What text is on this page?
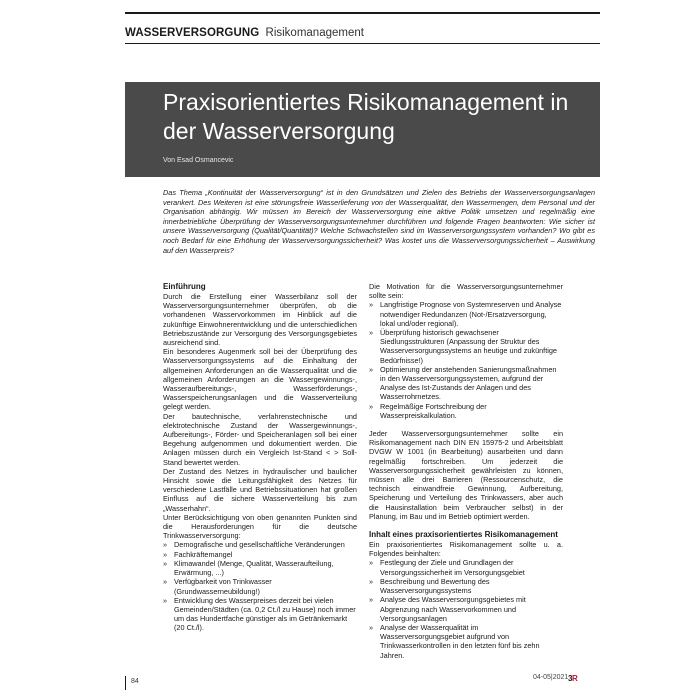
WASSERVERSORGUNG Risikomanagement
Praxisorientiertes Risikomanagement in der Wasserversorgung
Von Esad Osmancevic

Das Thema „Kontinuität der Wasserversorgung“ ist in den Grundsätzen und Zielen des Betriebs der Wasserversorgungsanlagen verankert. Des Weiteren ist eine störungsfreie Wasserlieferung von der Wasserqualität, den Wassermengen, dem Personal und der Organisation abhängig. Wir müssen im Bereich der Wasserversorgung eine aktive Politik umsetzen und regelmäßig eine innerbetriebliche Überprüfung der Wasserversorgungsunternehmer durchführen und folgende Fragen beantworten: Wie sicher ist unsere Wasserversorgung (Qualität/Quantität)? Welche Schwachstellen sind im Wasserversorgungssystem vorhanden? Wo gibt es noch Bedarf für eine Erhöhung der Wasserversorgungssicherheit? Was kostet uns die Wasserversorgungssicherheit – Auswirkung auf den Wasserpreis?

Einführung

Durch die Erstellung einer Wasserbilanz soll der Wasserversorgungsunternehmer überprüfen, ob die vorhandenen Wasservorkommen im Hinblick auf die zukünftige Einwohnerentwicklung und die unterschiedlichen Betriebszustände zur Versorgung des Versorgungsgebietes ausreichend sind.

Ein besonderes Augenmerk soll bei der Überprüfung des Wasserversorgungssystems auf die Einhaltung der allgemeinen Anforderungen an die Wasserqualität und die allgemeinen Anforderungen an die Wassergewinnungs-, Wasseraufbereitungs-, Wasserförderungs-, Wasserspeicherungsanlagen und die Wasserverteilung gelegt werden.

Der bautechnische, verfahrenstechnische und elektrotechnische Zustand der Wassergewinnungs-, Aufbereitungs-, Förder- und Speicheranlagen soll bei einer Begehung aufgenommen und dokumentiert werden. Die Anlagen müssen durch ein Vergleich Ist-Stand < > Soll-Stand bewertet werden.

Der Zustand des Netzes in hydraulischer und baulicher Hinsicht sowie die Leitungsfähigkeit des Netzes für verschiedene Lastfälle und Betriebssituationen hat großen Einfluss auf die sichere Wasserverteilung bis zum „Wasserhahn“.

Unter Berücksichtigung von oben genannten Punkten sind die Herausforderungen für die deutsche Trinkwasserversorgung:

» Demografische und gesellschaftliche Veränderungen
» Fachkräftemangel
» Klimawandel (Menge, Qualität, Wasseraufteilung, Erwärmung, ...)
» Verfügbarkeit von Trinkwasser (Grundwasserneubildung!)
» Entwicklung des Wasserpreises derzeit bei vielen Gemeinden/Städten (ca. 0,2 Ct./l zu Hause) noch immer um das Hundertfache günstiger als im Getränkemarkt (20 Ct./l).

Die Motivation für die Wasserversorgungsunternehmer sollte sein:

» Langfristige Prognose von Systemreserven und Analyse notwendiger Redundanzen (Not-/Ersatzversorgung, lokal und/oder regional).
» Überprüfung historisch gewachsener Siedlungsstrukturen (Anpassung der Struktur des Wasserversorgungssystems an heutige und zukünftige Bedürfnisse!)
» Optimierung der anstehenden Sanierungsmaßnahmen in den Wasserversorgungssystemen, aufgrund der Analyse des Ist-Zustands der Anlagen und des Wasserrohrnetzes.
» Regelmäßige Fortschreibung der Wasserpreiskalkulation.

Jeder Wasserversorgungsunternehmer sollte ein Risikomanagement nach DIN EN 15975-2 und Arbeitsblatt DVGW W 1001 (in Bearbeitung) ausarbeiten und dann regelmäßig fortschreiben. Um jederzeit die Wasserversorgungssicherheit gewährleisten zu können, müssen alle drei Barrieren (Ressourcenschutz, die technisch einwandfreie Gewinnung, Aufbereitung, Speicherung und Verteilung des Trinkwassers, aber auch die Hausinstallation beim Verbraucher selbst) in der Planung, im Bau und im Betrieb optimiert werden.

Inhalt eines praxisorientiertes Risikomanagement

Ein praxisorientiertes Risikomanagement sollte u. a. Folgendes beinhalten:

» Festlegung der Ziele und Grundlagen der Versorgungssicherheit im Versorgungsgebiet
» Beschreibung und Bewertung des Wasserversorgungssystems
» Analyse des Wasserversorgungsgebietes mit Abgrenzung nach Wasservorkommen und Versorgungsanlagen
» Analyse der Wasserqualität im Wasserversorgungsgebiet aufgrund von Trinkwasserkontrollen in den letzten fünf bis zehn Jahren.
84
04-05|2021 3R
